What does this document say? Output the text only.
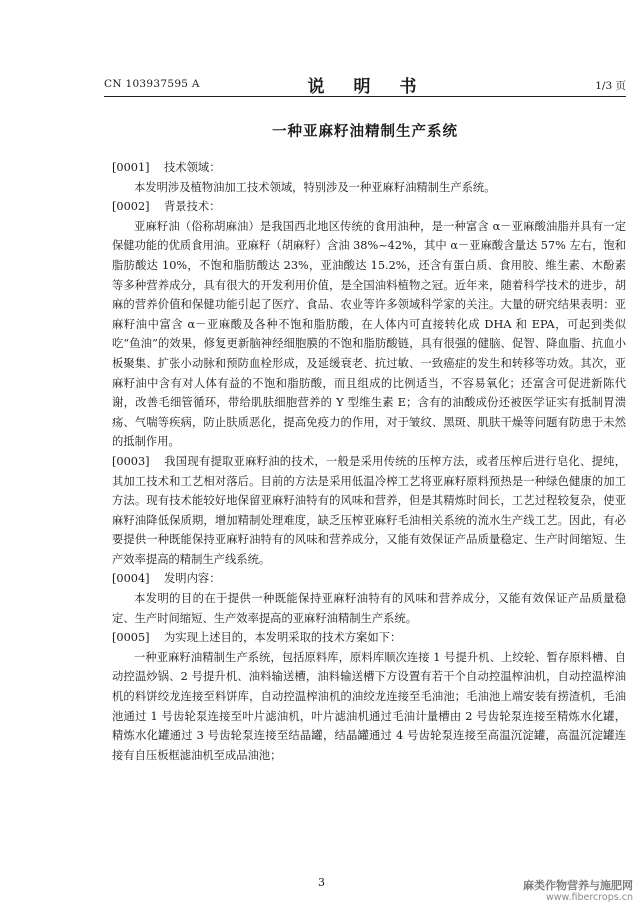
CN 103937595 A	说　明　书	1/3 页
一种亚麻籽油精制生产系统
[0001] 技术领域：

本发明涉及植物油加工技术领域，特别涉及一种亚麻籽油精制生产系统。

[0002] 背景技术：

亚麻籽油（俗称胡麻油）是我国西北地区传统的食用油种，是一种富含 α－亚麻酸油脂并具有一定保健功能的优质食用油。亚麻籽（胡麻籽）含油 38%~42%，其中 α－亚麻酸含量达 57% 左右，饱和脂肪酸达 10%，不饱和脂肪酸达 23%，亚油酸达 15.2%，还含有蛋白质、食用胶、维生素、木酚素等多种营养成分，具有很大的开发利用价值，是全国油料植物之冠。近年来，随着科学技术的进步，胡麻的营养价值和保健功能引起了医疗、食品、农业等许多领域科学家的关注。大量的研究结果表明：亚麻籽油中富含 α－亚麻酸及各种不饱和脂肪酸，在人体内可直接转化成 DHA 和 EPA，可起到类似吃“鱼油”的效果，修复更新脑神经细胞膜的不饱和脂肪酸链，具有很强的健脑、促智、降血脂、抗血小板聚集、扩张小动脉和预防血栓形成，及延缓衰老、抗过敏、一致癌症的发生和转移等功效。其次，亚麻籽油中含有对人体有益的不饱和脂肪酸，而且组成的比例适当，不容易氧化；还富含可促进新陈代谢，改善毛细管循环，带给肌肤细胞营养的 Y 型维生素 E；含有的油酸成份还被医学证实有抵制胃溃疡、气喘等疾病，防止肤质恶化，提高免疫力的作用，对于皱纹、黑斑、肌肤干燥等问题有防患于未然的抵制作用。

[0003] 我国现有提取亚麻籽油的技术，一般是采用传统的压榨方法，或者压榨后进行皂化、提纯，其加工技术和工艺相对落后。目前的方法是采用低温冷榨工艺将亚麻籽原料预热是一种绿色健康的加工方法。现有技术能较好地保留亚麻籽油特有的风味和营养，但是其精炼时间长，工艺过程较复杂，使亚麻籽油降低保质期，增加精制处理难度，缺乏压榨亚麻籽毛油相关系统的流水生产线工艺。因此，有必要提供一种既能保持亚麻籽油特有的风味和营养成分，又能有效保证产品质量稳定、生产时间缩短、生产效率提高的精制生产线系统。
[0004] 发明内容：

本发明的目的在于提供一种既能保持亚麻籽油特有的风味和营养成分，又能有效保证产品质量稳定、生产时间缩短、生产效率提高的亚麻籽油精制生产系统。

[0005] 为实现上述目的，本发明采取的技术方案如下：

一种亚麻籽油精制生产系统，包括原料库，原料库顺次连接 1 号提升机、上绞轮、暂存原料槽、自动控温炒锅、2 号提升机、油料输送槽，油料输送槽下方设置有若干个自动控温榨油机，自动控温榨油机的料饼绞龙连接至料饼库，自动控温榨油机的油绞龙连接至毛油池；毛油池上端安装有捞渣机，毛油池通过 1 号齿轮泵连接至叶片滤油机，叶片滤油机通过毛油计量槽由 2 号齿轮泵连接至精炼水化罐，精炼水化罐通过 3 号齿轮泵连接至结晶罐，结晶罐通过 4 号齿轮泵连接至高温沉淀罐，高温沉淀罐连接有自压板框滤油机至成品油池；

3	麻类作物营养与施肥网
www.fibercrops.cn
